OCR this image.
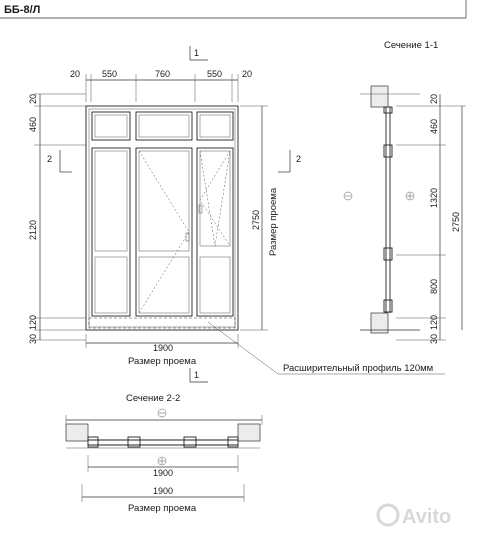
ББ-8/Л
1
20 550	760	550 20
20
460
2120
120
30
2
2750 Размер проема
2
1900
Размер проема
1
Расширительный профиль 120мм
Сечение 1-1
20
460
1320
800
120
30
2750
Сечение 2-2
1900
1900
Размер проема	Avito
